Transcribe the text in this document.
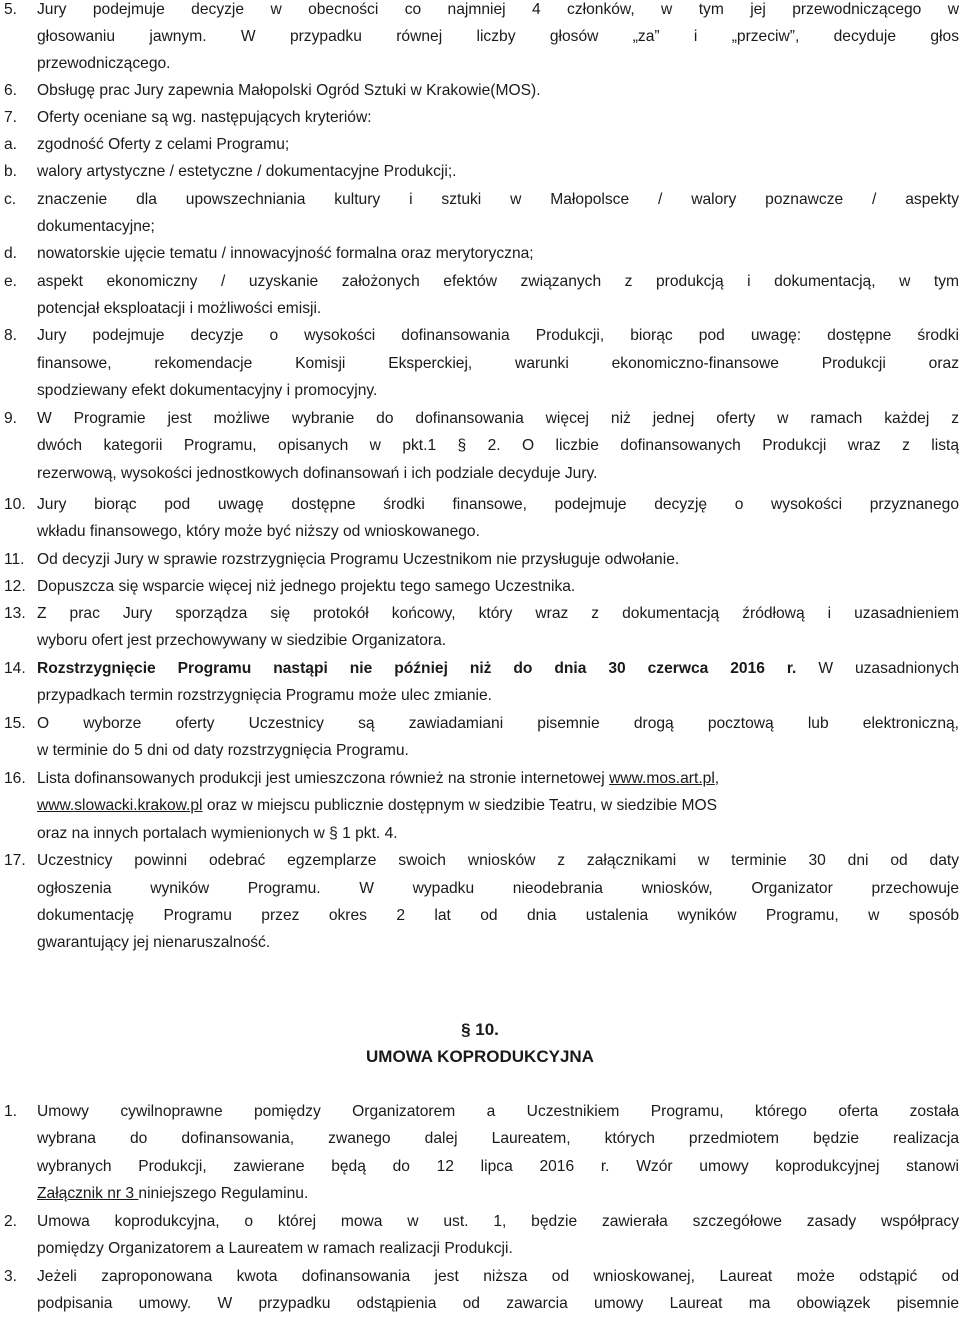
5. Jury podejmuje decyzje w obecności co najmniej 4 członków, w tym jej przewodniczącego w
głosowaniu jawnym. W przypadku równej liczby głosów „za” i „przeciw”, decyduje głos
przewodniczącego.
6. Obsługę prac Jury zapewnia Małopolski Ogród Sztuki w Krakowie(MOS).
7. Oferty oceniane są wg. następujących kryteriów:
a. zgodność Oferty z celami Programu;
b. walory artystyczne / estetyczne / dokumentacyjne Produkcji;.
c. znaczenie dla upowszechniania kultury i sztuki w Małopolsce / walory poznawcze / aspekty
dokumentacyjne;
d. nowatorskie ujęcie tematu / innowacyjność formalna oraz merytoryczna;
e. aspekt ekonomiczny / uzyskanie założonych efektów związanych z produkcją i dokumentacją, w tym
potencjał eksploatacji i możliwości emisji.
8. Jury podejmuje decyzje o wysokości dofinansowania Produkcji, biorąc pod uwagę: dostępne środki
finansowe, rekomendacje Komisji Eksperckiej, warunki ekonomiczno-finansowe Produkcji oraz
spodziewany efekt dokumentacyjny i promocyjny.
9. W Programie jest możliwe wybranie do dofinansowania więcej niż jednej oferty w ramach każdej z
dwóch kategorii Programu, opisanych w pkt.1 § 2. O liczbie dofinansowanych Produkcji wraz z listą
rezerwową, wysokości jednostkowych dofinansowań i ich podziale decyduje Jury.
10. Jury biorąc pod uwagę dostępne środki finansowe, podejmuje decyzję o wysokości przyznanego
wkładu finansowego, który może być niższy od wnioskowanego.
11. Od decyzji Jury w sprawie rozstrzygnięcia Programu Uczestnikom nie przysługuje odwołanie.
12. Dopuszcza się wsparcie więcej niż jednego projektu tego samego Uczestnika.
13. Z prac Jury sporządza się protokół końcowy, który wraz z dokumentacją źródłową i uzasadnieniem
wyboru ofert jest przechowywany w siedzibie Organizatora.
14. Rozstrzygnięcie Programu nastąpi nie później niż do dnia 30 czerwca 2016 r. W uzasadnionych
przypadkach termin rozstrzygnięcia Programu może ulec zmianie.
15. O wyborze oferty Uczestnicy są zawiadamiani pisemnie drogą pocztową lub elektroniczną,
w terminie do 5 dni od daty rozstrzygnięcia Programu.
16. Lista dofinansowanych produkcji jest umieszczona również na stronie internetowej www.mos.art.pl,
www.slowacki.krakow.pl oraz w miejscu publicznie dostępnym w siedzibie Teatru, w siedzibie MOS
oraz na innych portalach wymienionych w § 1 pkt. 4.
17. Uczestnicy powinni odebrać egzemplarze swoich wniosków z załącznikami w terminie 30 dni od daty
ogłoszenia wyników Programu. W wypadku nieodebrania wniosków, Organizator przechowuje
dokumentację Programu przez okres 2 lat od dnia ustalenia wyników Programu, w sposób
gwarantujący jej nienaruszalność.
§ 10.
UMOWA KOPRODUKCYJNA
1. Umowy cywilnoprawne pomiędzy Organizatorem a Uczestnikiem Programu, którego oferta została
wybrana do dofinansowania, zwanego dalej Laureatem, których przedmiotem będzie realizacja
wybranych Produkcji, zawierane będą do 12 lipca 2016 r. Wzór umowy koprodukcyjnej stanowi
Załącznik nr 3 niniejszego Regulaminu.
2. Umowa koprodukcyjna, o której mowa w ust. 1, będzie zawierała szczegółowe zasady współpracy
pomiędzy Organizatorem a Laureatem w ramach realizacji Produkcji.
3. Jeżeli zaproponowana kwota dofinansowania jest niższa od wnioskowanej, Laureat może odstąpić od
podpisania umowy. W przypadku odstąpienia od zawarcia umowy Laureat ma obowiązek pisemnie
